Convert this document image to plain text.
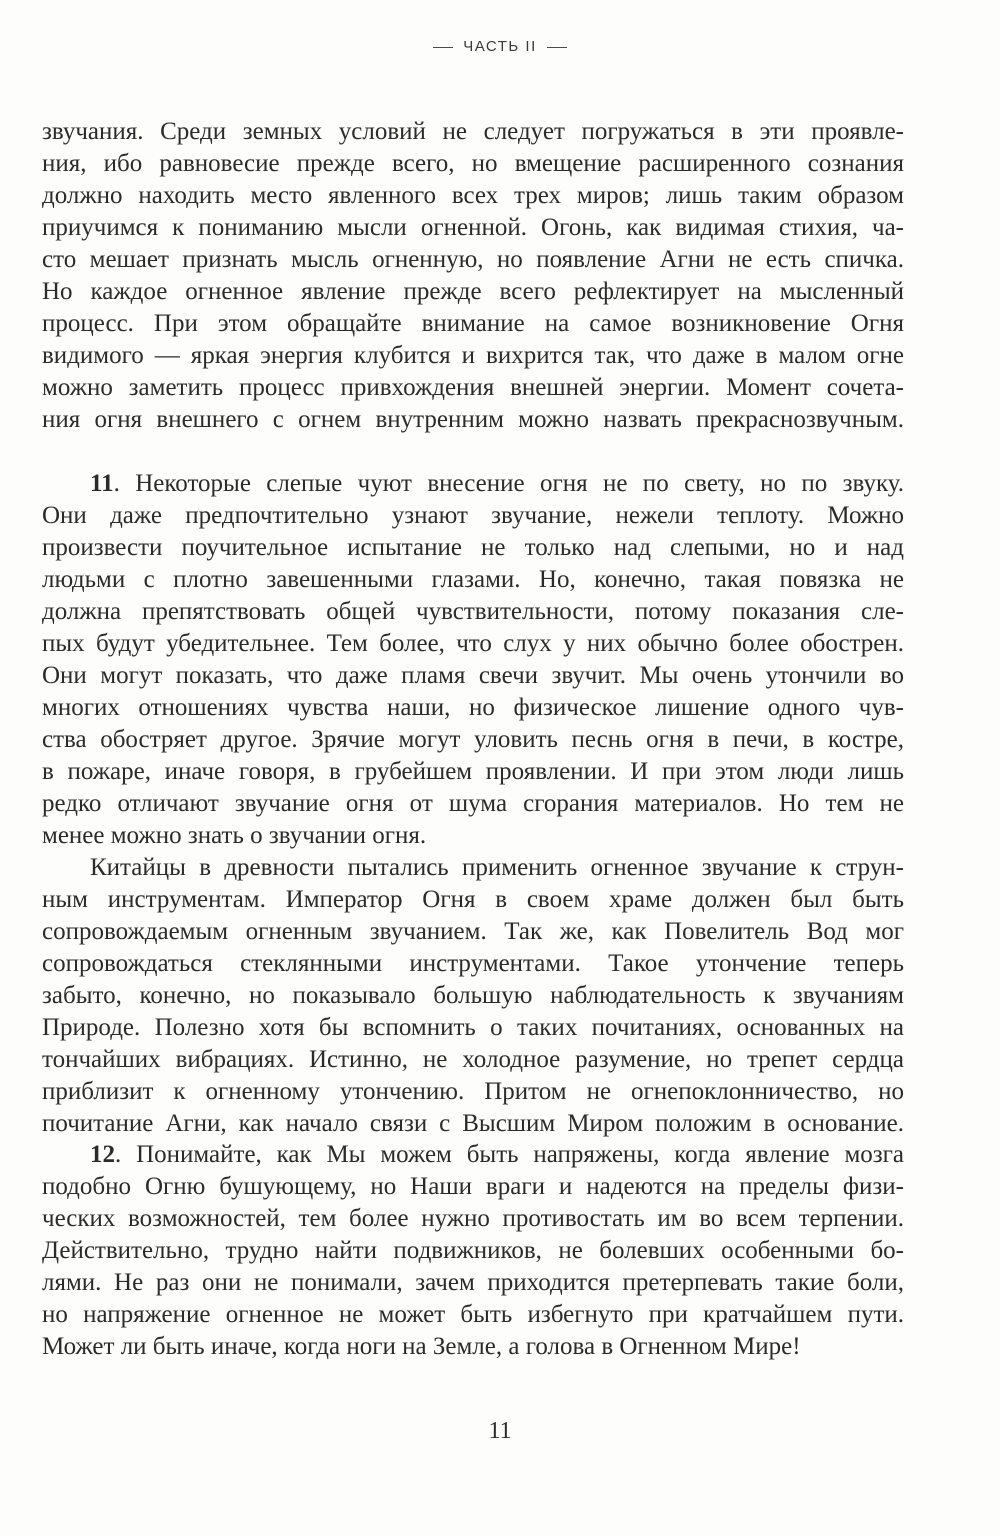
ЧАСТЬ II
звучания. Среди земных условий не следует погружаться в эти проявле-
ния, ибо равновесие прежде всего, но вмещение расширенного сознания
должно находить место явленного всех трех миров; лишь таким образом
приучимся к пониманию мысли огненной. Огонь, как видимая стихия, ча-
сто мешает признать мысль огненную, но появление Агни не есть спичка.
Но каждое огненное явление прежде всего рефлектирует на мысленный
процесс. При этом обращайте внимание на самое возникновение Огня
видимого — яркая энергия клубится и вихрится так, что даже в малом огне
можно заметить процесс привхождения внешней энергии. Момент сочета-
ния огня внешнего с огнем внутренним можно назвать прекраснозвучным.
11. Некоторые слепые чуют внесение огня не по свету, но по звуку.
Они даже предпочтительно узнают звучание, нежели теплоту. Можно
произвести поучительное испытание не только над слепыми, но и над
людьми с плотно завешенными глазами. Но, конечно, такая повязка не
должна препятствовать общей чувствительности, потому показания сле-
пых будут убедительнее. Тем более, что слух у них обычно более обострен.
Они могут показать, что даже пламя свечи звучит. Мы очень утончили во
многих отношениях чувства наши, но физическое лишение одного чув-
ства обостряет другое. Зрячие могут уловить песнь огня в печи, в костре,
в пожаре, иначе говоря, в грубейшем проявлении. И при этом люди лишь
редко отличают звучание огня от шума сгорания материалов. Но тем не
менее можно знать о звучании огня.
Китайцы в древности пытались применить огненное звучание к струн-
ным инструментам. Император Огня в своем храме должен был быть
сопровождаемым огненным звучанием. Так же, как Повелитель Вод мог
сопровождаться стеклянными инструментами. Такое утончение теперь
забыто, конечно, но показывало большую наблюдательность к звучаниям
Природе. Полезно хотя бы вспомнить о таких почитаниях, основанных на
тончайших вибрациях. Истинно, не холодное разумение, но трепет сердца
приблизит к огненному утончению. Притом не огнепоклонничество, но
почитание Агни, как начало связи с Высшим Миром положим в основание.
12. Понимайте, как Мы можем быть напряжены, когда явление мозга
подобно Огню бушующему, но Наши враги и надеются на пределы физи-
ческих возможностей, тем более нужно противостать им во всем терпении.
Действительно, трудно найти подвижников, не болевших особенными бо-
лями. Не раз они не понимали, зачем приходится претерпевать такие боли,
но напряжение огненное не может быть избегнуто при кратчайшем пути.
Может ли быть иначе, когда ноги на Земле, а голова в Огненном Мире!
11
